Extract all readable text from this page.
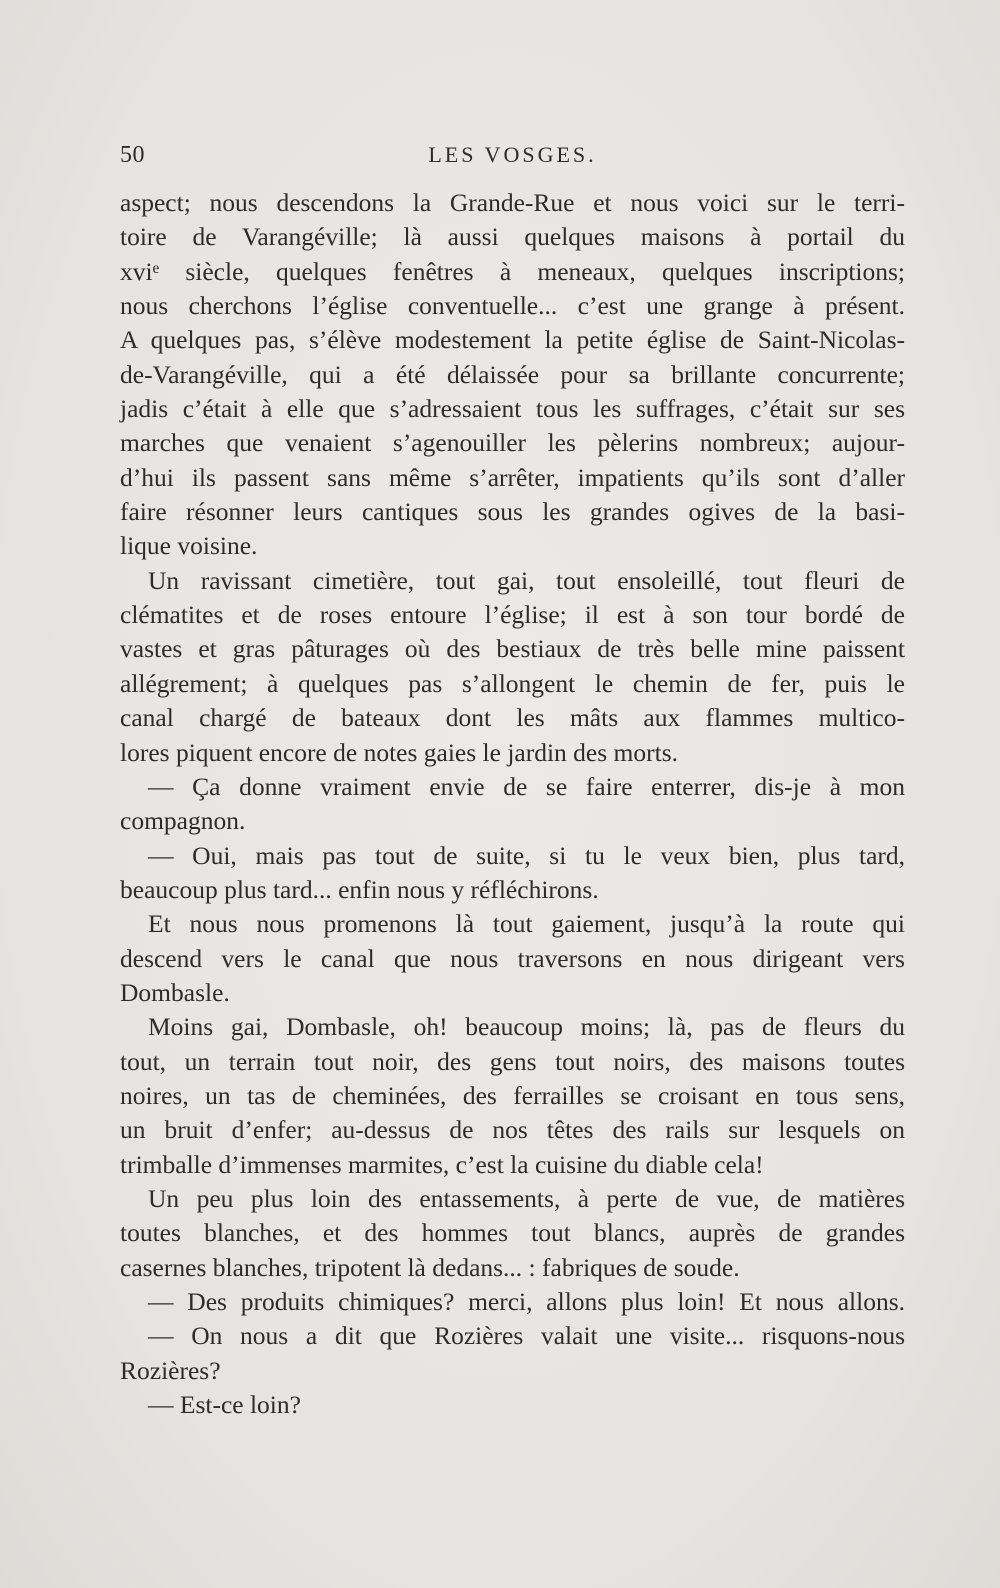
50	LES VOSGES.
aspect; nous descendons la Grande-Rue et nous voici sur le terri-
toire de Varangéville; là aussi quelques maisons à portail du
xviᵉ siècle, quelques fenêtres à meneaux, quelques inscriptions;
nous cherchons l’église conventuelle... c’est une grange à présent.
A quelques pas, s’élève modestement la petite église de Saint-Nicolas-
de-Varangéville, qui a été délaissée pour sa brillante concurrente;
jadis c’était à elle que s’adressaient tous les suffrages, c’était sur ses
marches que venaient s’agenouiller les pèlerins nombreux; aujour-
d’hui ils passent sans même s’arrêter, impatients qu’ils sont d’aller
faire résonner leurs cantiques sous les grandes ogives de la basi-
lique voisine.
Un ravissant cimetière, tout gai, tout ensoleillé, tout fleuri de
clématites et de roses entoure l’église; il est à son tour bordé de
vastes et gras pâturages où des bestiaux de très belle mine paissent
allégrement; à quelques pas s’allongent le chemin de fer, puis le
canal chargé de bateaux dont les mâts aux flammes multico-
lores piquent encore de notes gaies le jardin des morts.
— Ça donne vraiment envie de se faire enterrer, dis-je à mon
compagnon.
— Oui, mais pas tout de suite, si tu le veux bien, plus tard,
beaucoup plus tard... enfin nous y réfléchirons.
Et nous nous promenons là tout gaiement, jusqu’à la route qui
descend vers le canal que nous traversons en nous dirigeant vers
Dombasle.
Moins gai, Dombasle, oh! beaucoup moins; là, pas de fleurs du
tout, un terrain tout noir, des gens tout noirs, des maisons toutes
noires, un tas de cheminées, des ferrailles se croisant en tous sens,
un bruit d’enfer; au-dessus de nos têtes des rails sur lesquels on
trimballe d’immenses marmites, c’est la cuisine du diable cela!
Un peu plus loin des entassements, à perte de vue, de matières
toutes blanches, et des hommes tout blancs, auprès de grandes
casernes blanches, tripotent là dedans... : fabriques de soude.
— Des produits chimiques? merci, allons plus loin! Et nous allons.
— On nous a dit que Rozières valait une visite... risquons-nous
Rozières?
— Est-ce loin?
